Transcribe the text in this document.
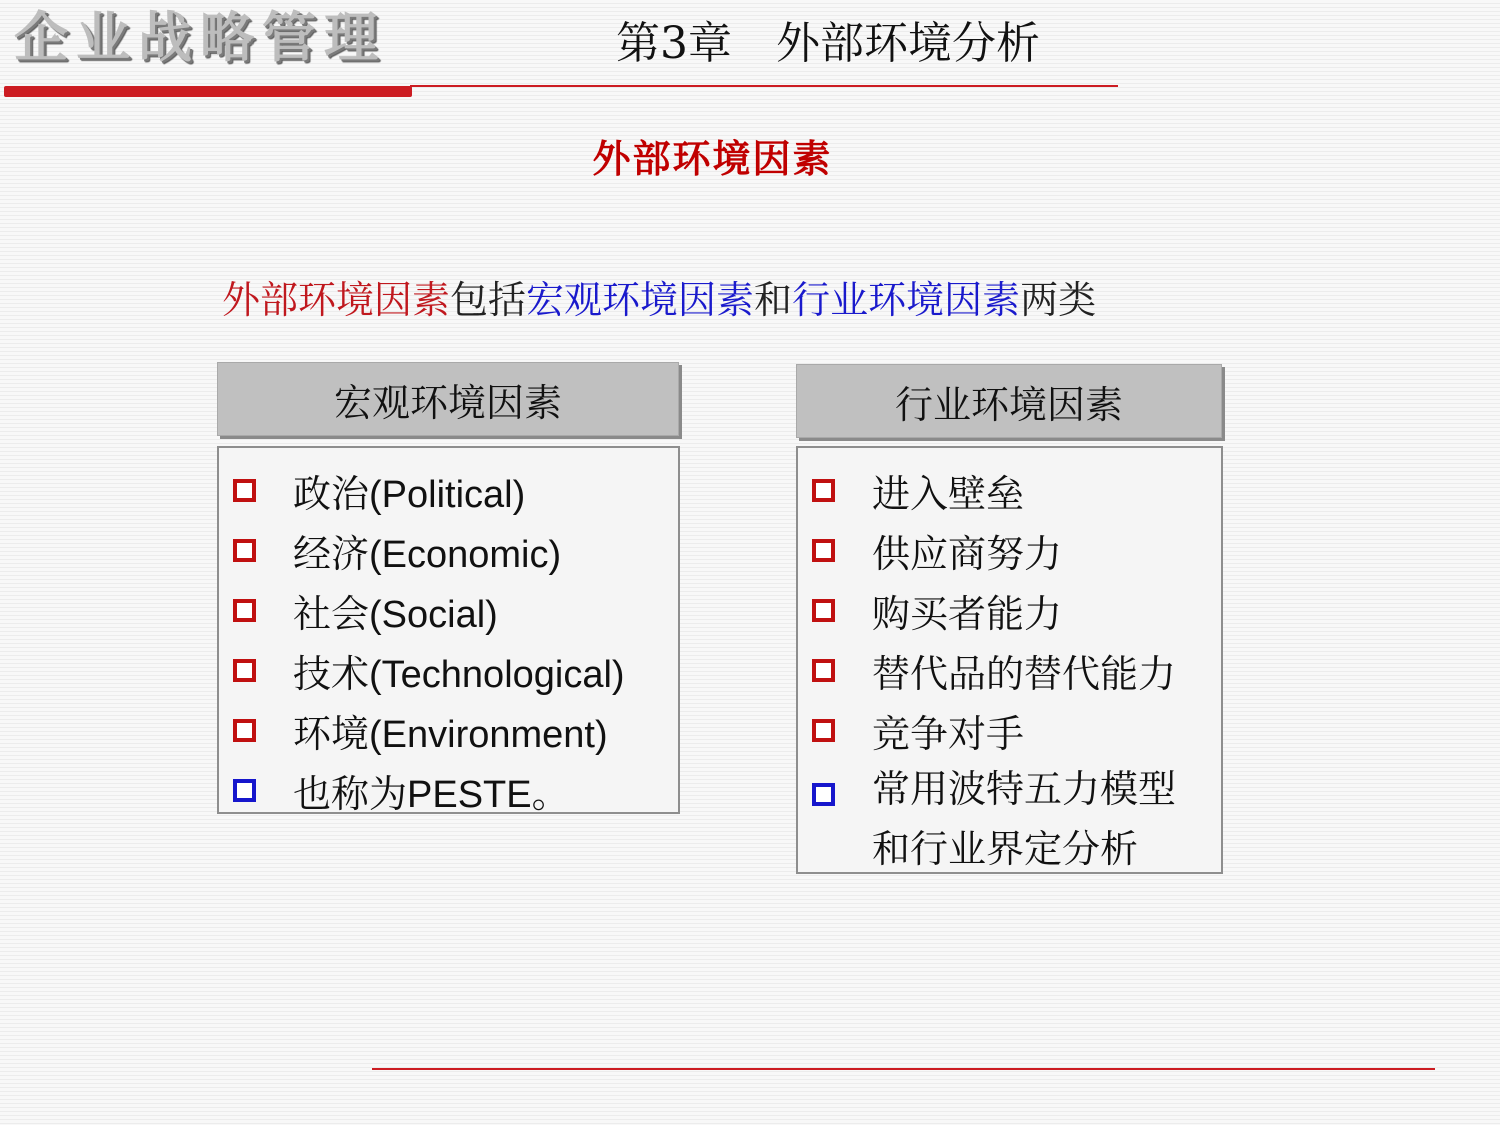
企业战略管理	第3章　外部环境分析
外部环境因素
外部环境因素包括宏观环境因素和行业环境因素两类
宏观环境因素
政治(Political)
经济(Economic)
社会(Social)
技术(Technological)
环境(Environment)
也称为PESTE。
行业环境因素
进入壁垒
供应商努力
购买者能力
替代品的替代能力
竞争对手
常用波特五力模型和行业界定分析
